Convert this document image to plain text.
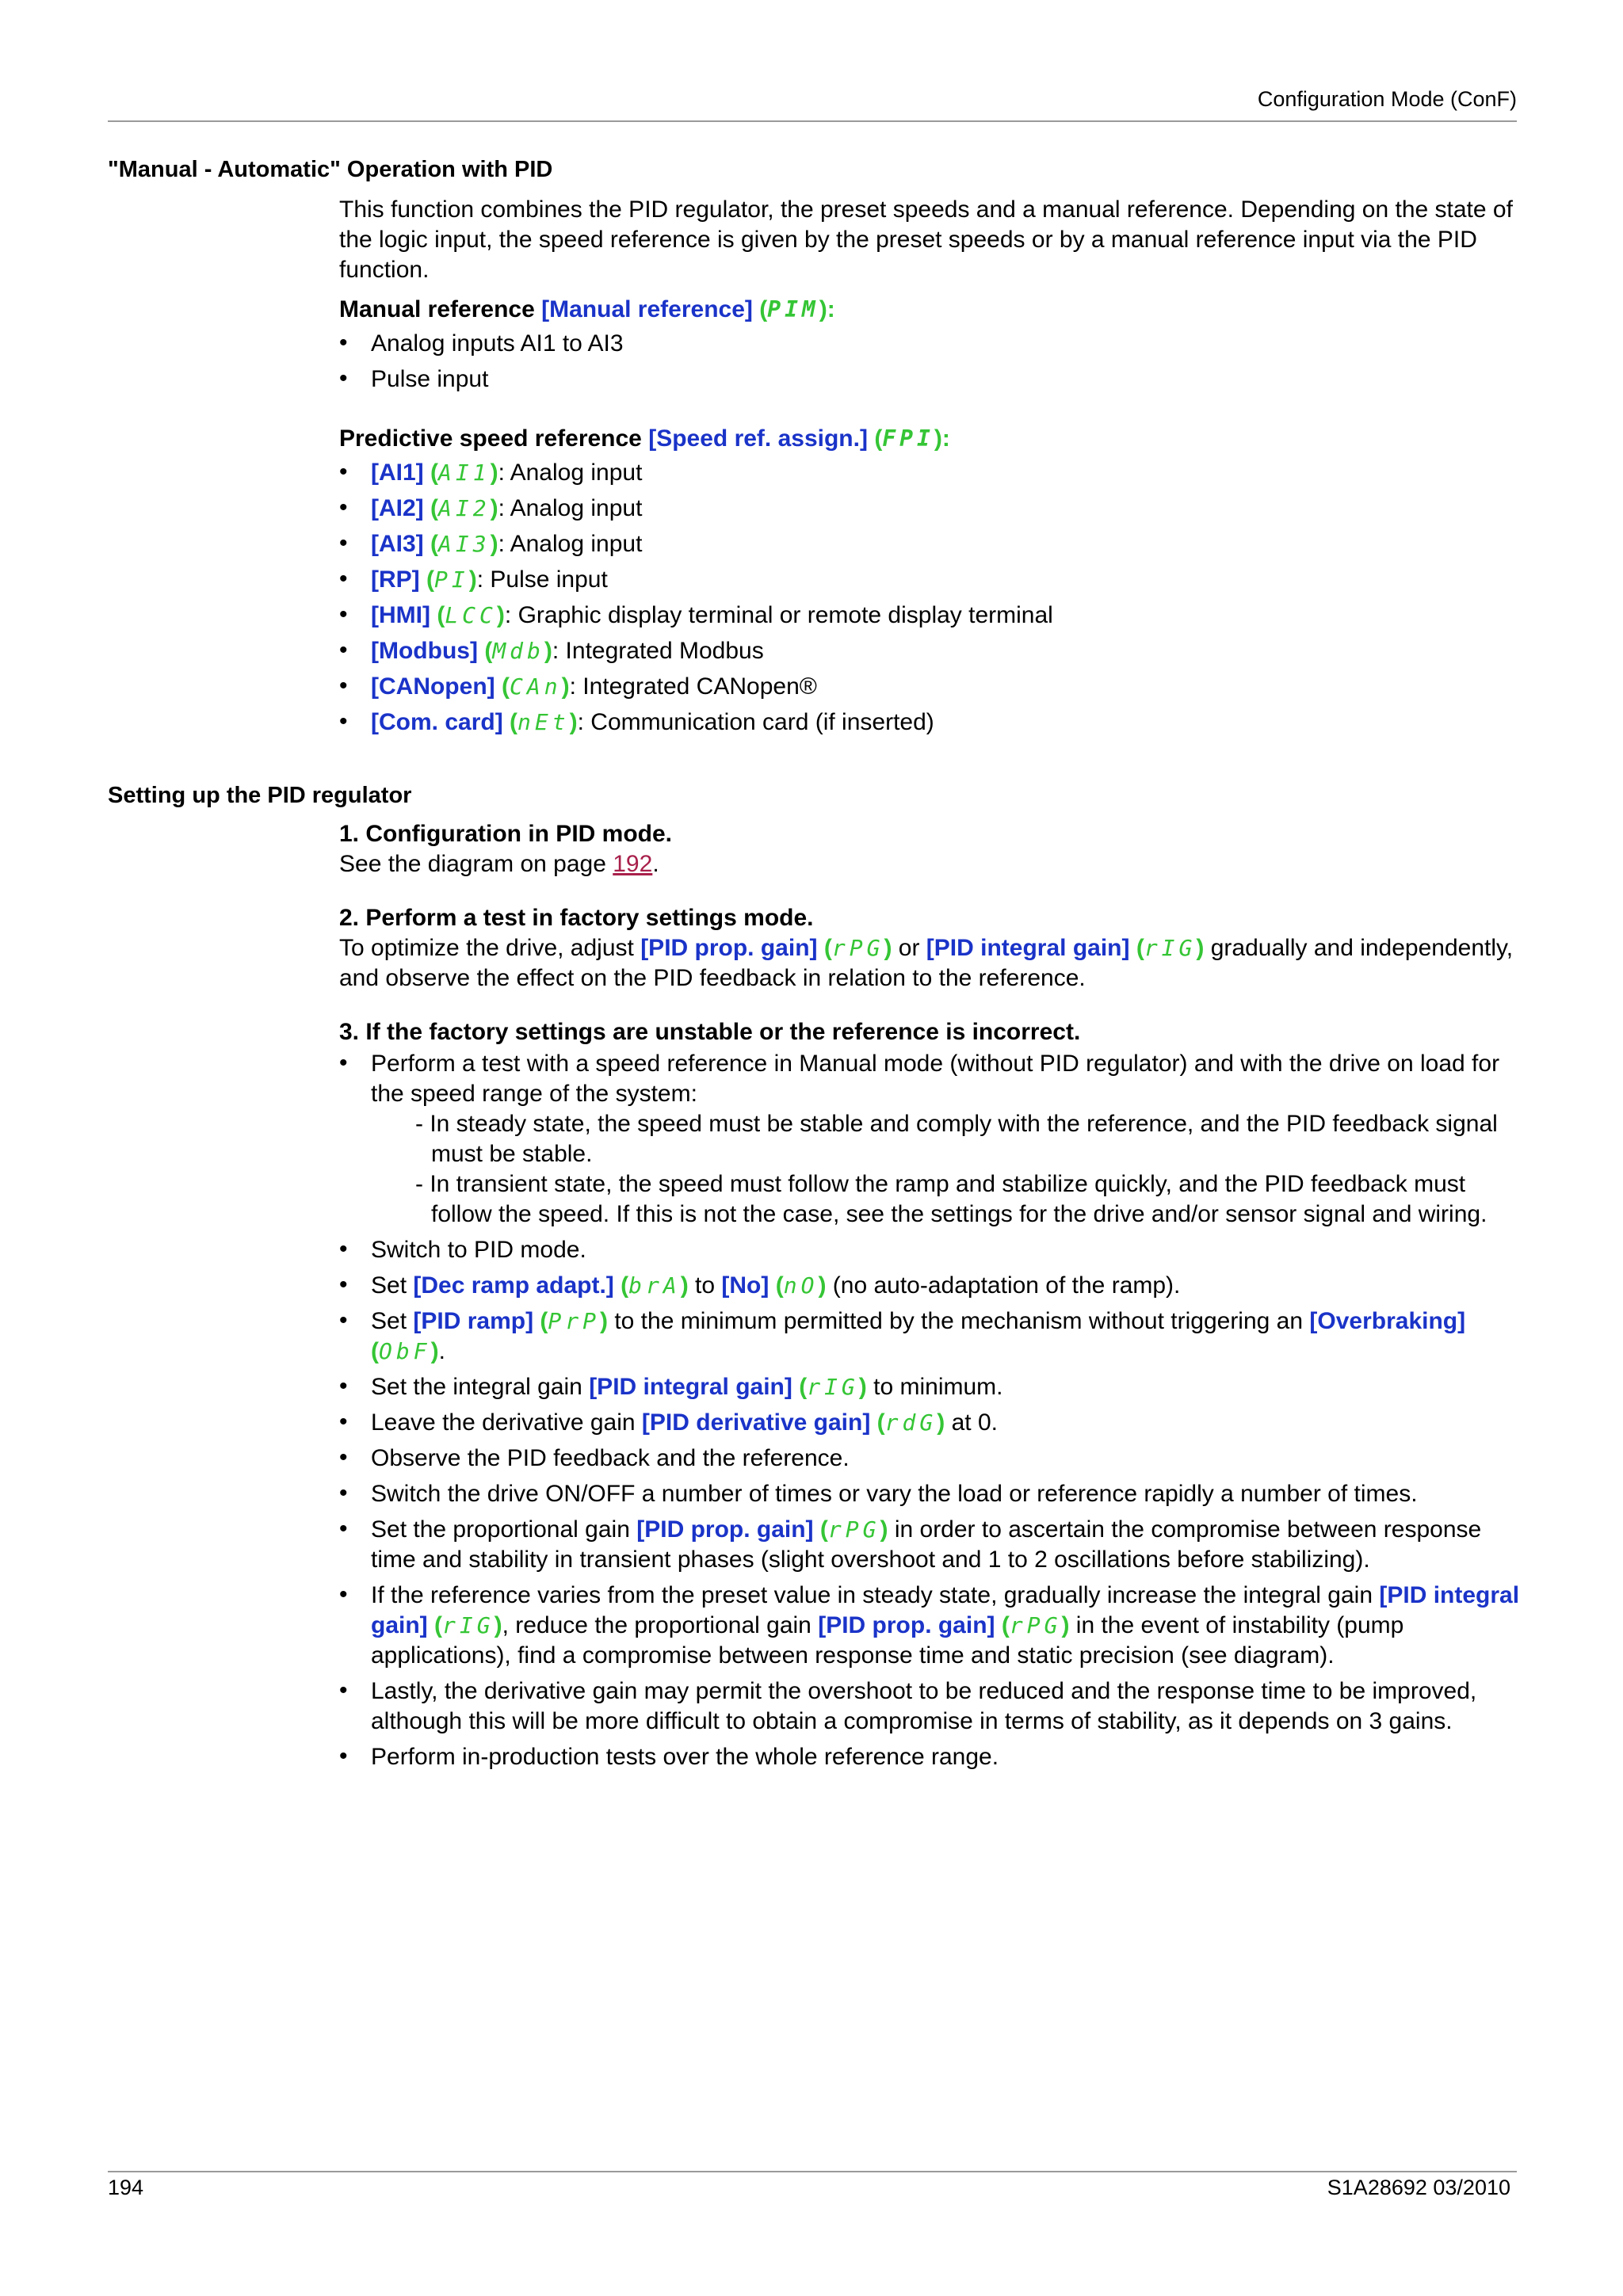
Configuration Mode (ConF)
"Manual - Automatic" Operation with PID

This function combines the PID regulator, the preset speeds and a manual reference. Depending on the state of the logic input, the speed reference is given by the preset speeds or by a manual reference input via the PID function.

Manual reference [Manual reference] (PIM):
• Analog inputs AI1 to AI3
• Pulse input
Predictive speed reference [Speed ref. assign.] (FPI):
• [AI1] (AI1): Analog input
• [AI2] (AI2): Analog input
• [AI3] (AI3): Analog input
• [RP] (PI): Pulse input
• [HMI] (LCC): Graphic display terminal or remote display terminal
• [Modbus] (Mdb): Integrated Modbus
• [CANopen] (CAn): Integrated CANopen®
• [Com. card] (nEt): Communication card (if inserted)
Setting up the PID regulator
1. Configuration in PID mode.
See the diagram on page 192.
2. Perform a test in factory settings mode.
To optimize the drive, adjust [PID prop. gain] (rPG) or [PID integral gain] (rIG) gradually and independently, and observe the effect on the PID feedback in relation to the reference.
3. If the factory settings are unstable or the reference is incorrect.
• Perform a test with a speed reference in Manual mode (without PID regulator) and with the drive on load for the speed range of the system:
- In steady state, the speed must be stable and comply with the reference, and the PID feedback signal must be stable.
- In transient state, the speed must follow the ramp and stabilize quickly, and the PID feedback must follow the speed. If this is not the case, see the settings for the drive and/or sensor signal and wiring.
• Switch to PID mode.
• Set [Dec ramp adapt.] (brA) to [No] (nO) (no auto-adaptation of the ramp).
• Set [PID ramp] (PrP) to the minimum permitted by the mechanism without triggering an [Overbraking] (ObF).
• Set the integral gain [PID integral gain] (rIG) to minimum.
• Leave the derivative gain [PID derivative gain] (rdG) at 0.
• Observe the PID feedback and the reference.
• Switch the drive ON/OFF a number of times or vary the load or reference rapidly a number of times.
• Set the proportional gain [PID prop. gain] (rPG) in order to ascertain the compromise between response time and stability in transient phases (slight overshoot and 1 to 2 oscillations before stabilizing).
• If the reference varies from the preset value in steady state, gradually increase the integral gain [PID integral gain] (rIG), reduce the proportional gain [PID prop. gain] (rPG) in the event of instability (pump applications), find a compromise between response time and static precision (see diagram).
• Lastly, the derivative gain may permit the overshoot to be reduced and the response time to be improved, although this will be more difficult to obtain a compromise in terms of stability, as it depends on 3 gains.
• Perform in-production tests over the whole reference range.
194	S1A28692 03/2010
